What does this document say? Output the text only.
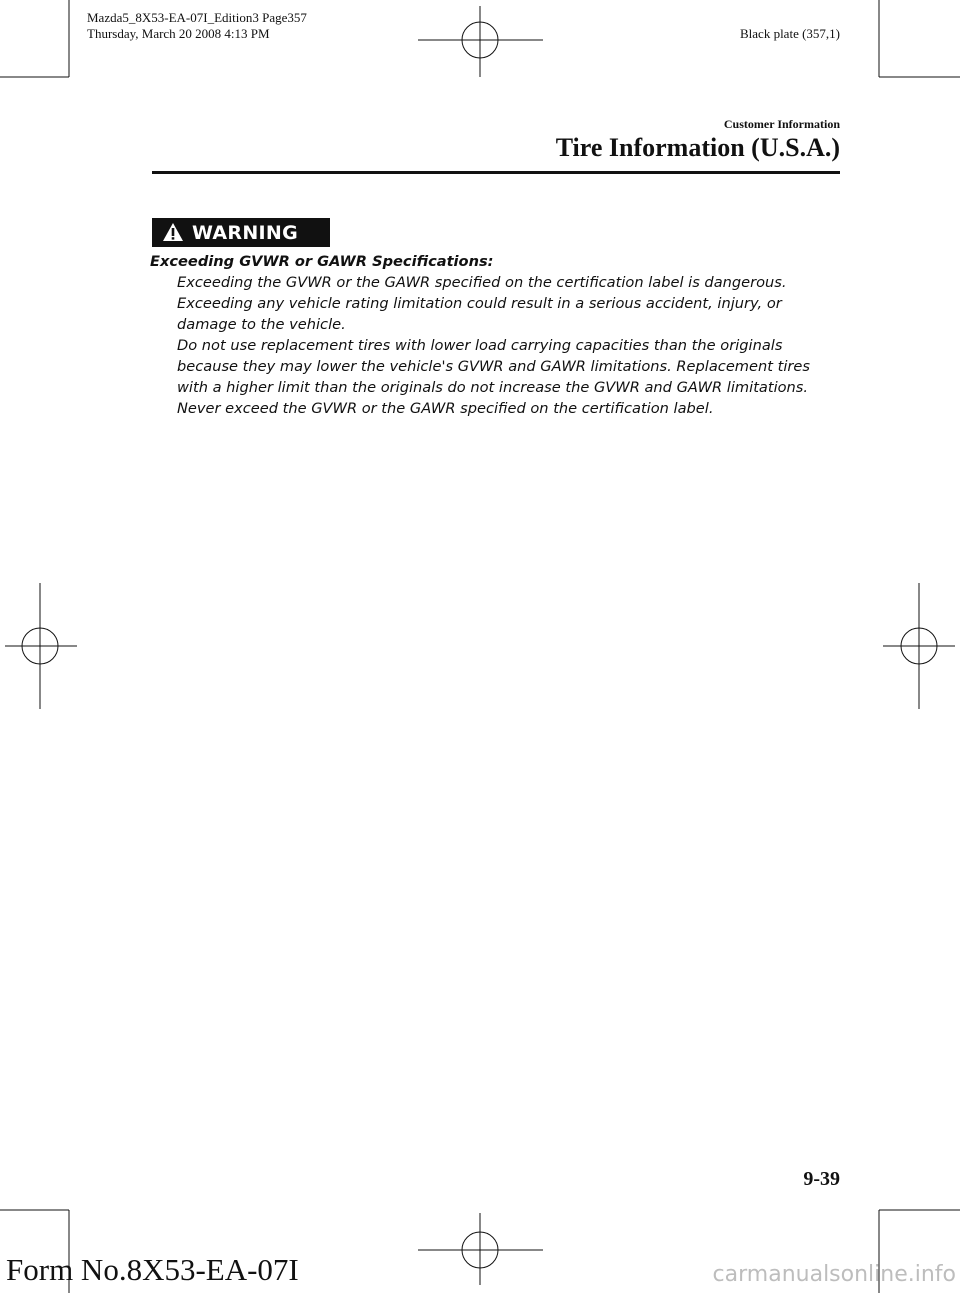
Mazda5_8X53-EA-07I_Edition3 Page357
Thursday, March 20 2008 4:13 PM	Black plate (357,1)
Customer Information
Tire Information (U.S.A.)
WARNING
Exceeding GVWR or GAWR Specifications:

Exceeding the GVWR or the GAWR specified on the certification label is dangerous. Exceeding any vehicle rating limitation could result in a serious accident, injury, or damage to the vehicle.

Do not use replacement tires with lower load carrying capacities than the originals because they may lower the vehicle's GVWR and GAWR limitations. Replacement tires with a higher limit than the originals do not increase the GVWR and GAWR limitations.

Never exceed the GVWR or the GAWR specified on the certification label.

9-39
Form No.8X53-EA-07I	carmanualsonline.info
